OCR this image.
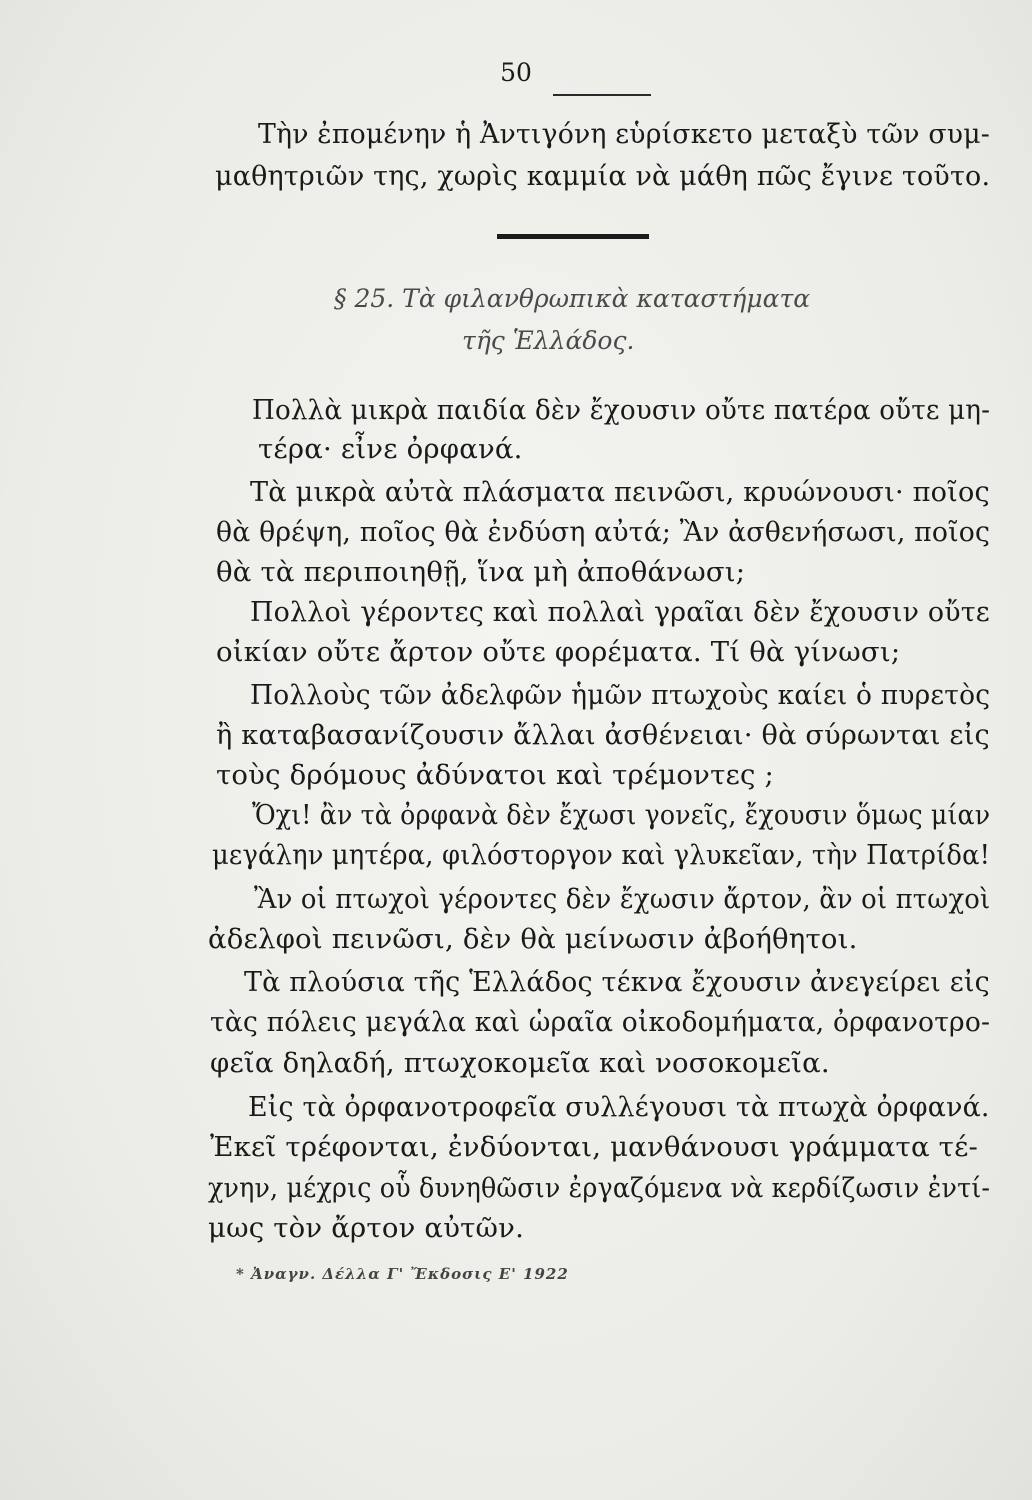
50
Τὴν ἐπομένην ἡ Ἀντιγόνη εὑρίσκετο μεταξὺ τῶν συμ-
μαθητριῶν της, χωρὶς καμμία νὰ μάθη πῶς ἔγινε τοῦτο.
§ 25. Τὰ φιλανθρωπικὰ καταστήματα
τῆς Ἑλλάδος.
Πολλὰ μικρὰ παιδία δὲν ἔχουσιν οὔτε πατέρα οὔτε μη-
τέρα· εἶνε ὀρφανά.
Τὰ μικρὰ αὐτὰ πλάσματα πεινῶσι, κρυώνουσι· ποῖος
θὰ θρέψη, ποῖος θὰ ἐνδύση αὐτά; Ἂν ἀσθενήσωσι, ποῖος
θὰ τὰ περιποιηθῇ, ἵνα μὴ ἀποθάνωσι;
Πολλοὶ γέροντες καὶ πολλαὶ γραῖαι δὲν ἔχουσιν οὔτε
οἰκίαν οὔτε ἄρτον οὔτε φορέματα. Τί θὰ γίνωσι;
Πολλοὺς τῶν ἀδελφῶν ἡμῶν πτωχοὺς καίει ὁ πυρετὸς
ἢ καταβασανίζουσιν ἄλλαι ἀσθένειαι· θὰ σύρωνται εἰς
τοὺς δρόμους ἀδύνατοι καὶ τρέμοντες ;
Ὄχι! ἂν τὰ ὀρφανὰ δὲν ἔχωσι γονεῖς, ἔχουσιν ὅμως μίαν
μεγάλην μητέρα, φιλόστοργον καὶ γλυκεῖαν, τὴν Πατρίδα!
Ἂν οἱ πτωχοὶ γέροντες δὲν ἔχωσιν ἄρτον, ἂν οἱ πτωχοὶ
ἀδελφοὶ πεινῶσι, δὲν θὰ μείνωσιν ἀβοήθητοι.
Τὰ πλούσια τῆς Ἑλλάδος τέκνα ἔχουσιν ἀνεγείρει εἰς
τὰς πόλεις μεγάλα καὶ ὡραῖα οἰκοδομήματα, ὀρφανοτρο-
φεῖα δηλαδή, πτωχοκομεῖα καὶ νοσοκομεῖα.
Εἰς τὰ ὀρφανοτροφεῖα συλλέγουσι τὰ πτωχὰ ὀρφανά.
Ἐκεῖ τρέφονται, ἐνδύονται, μανθάνουσι γράμματα τέ-
χνην, μέχρις οὗ δυνηθῶσιν ἐργαζόμενα νὰ κερδίζωσιν ἐντί-
μως τὸν ἄρτον αὐτῶν.
* Ἀναγν. Δέλλα Γ' Ἔκδοσις Ε' 1922
